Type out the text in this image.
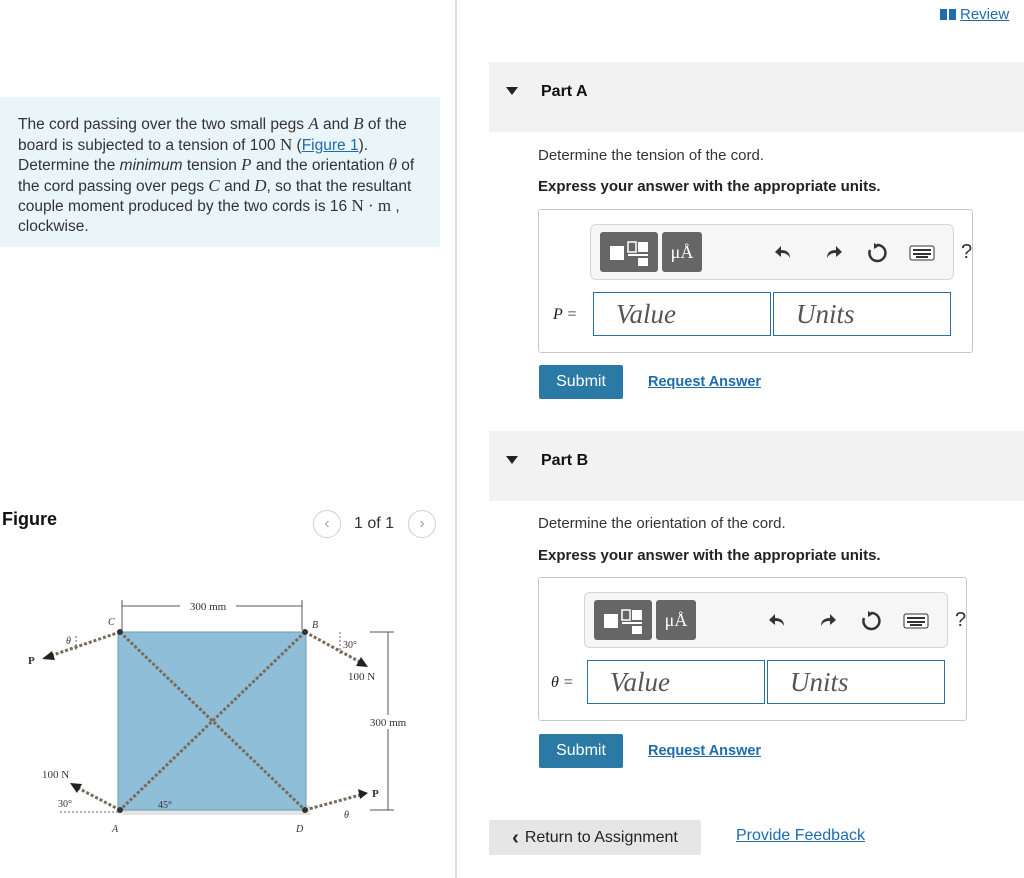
Review
The cord passing over the two small pegs A and B of the board is subjected to a tension of 100 N (Figure 1). Determine the minimum tension P and the orientation θ of the cord passing over pegs C and D, so that the resultant couple moment produced by the two cords is 16 N · m , clockwise.
Figure	‹ 1 of 1 ›
300 mm
300 mm
C	B
A	D
P
θ	30°
100 N
100 N
30°	45°
P
θ
Part A
Determine the tension of the cord.
Express your answer with the appropriate units.
μÅ	?
P =	Value	Units
Submit	Request Answer
Part B
Determine the orientation of the cord.
Express your answer with the appropriate units.
μÅ	?
θ =	Value	Units
Submit	Request Answer
‹ Return to Assignment	Provide Feedback
